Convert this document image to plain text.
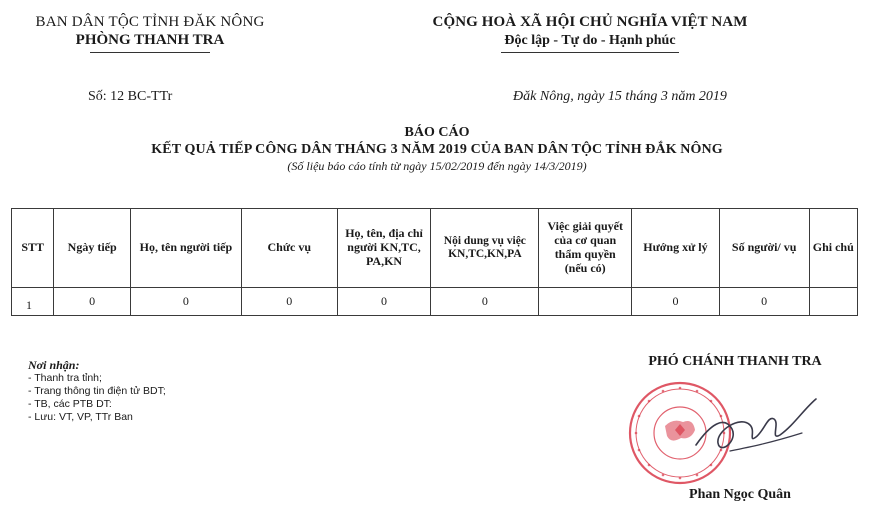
BAN DÂN TỘC TỈNH ĐĂK NÔNG
PHÒNG THANH TRA
CỘNG HOÀ XÃ HỘI CHỦ NGHĨA VIỆT NAM
Độc lập - Tự do - Hạnh phúc
Số: 12 BC-TTr	Đăk Nông, ngày 15 tháng 3 năm 2019
BÁO CÁO
KẾT QUẢ TIẾP CÔNG DÂN THÁNG 3 NĂM 2019 CỦA BAN DÂN TỘC TỈNH ĐẮK NÔNG
(Số liệu báo cáo tính từ ngày 15/02/2019 đến ngày 14/3/2019)
STT	Ngày tiếp	Họ, tên người tiếp	Chức vụ	Họ, tên, địa chỉ người KN,TC, PA,KN	Nội dung vụ việc KN,TC,KN,PA	Việc giải quyết của cơ quan thẩm quyền (nếu có)	Hướng xử lý	Số người/ vụ	Ghi chú
1	0	0	0	0	0		0	0	
Nơi nhận:
- Thanh tra tỉnh;
- Trang thông tin điện tử BDT;
- TB, các PTB DT:
- Lưu: VT, VP, TTr Ban
PHÓ CHÁNH THANH TRA
Phan Ngọc Quân
